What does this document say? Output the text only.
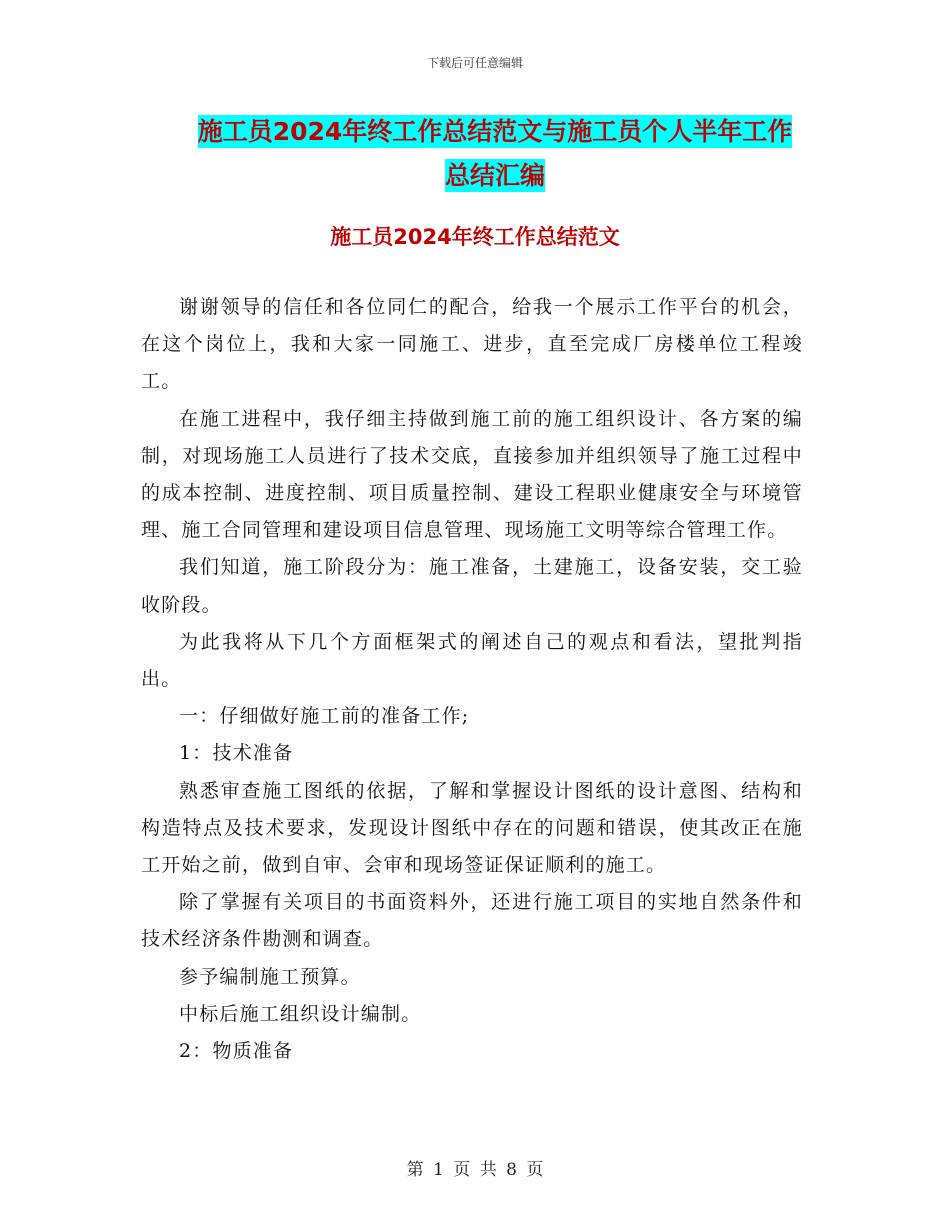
下载后可任意编辑
施工员2024年终工作总结范文与施工员个人半年工作
总结汇编
施工员2024年终工作总结范文

谢谢领导的信任和各位同仁的配合，给我一个展示工作平台的机会，在这个岗位上，我和大家一同施工、进步，直至完成厂房楼单位工程竣工。

在施工进程中，我仔细主持做到施工前的施工组织设计、各方案的编制，对现场施工人员进行了技术交底，直接参加并组织领导了施工过程中的成本控制、进度控制、项目质量控制、建设工程职业健康安全与环境管理、施工合同管理和建设项目信息管理、现场施工文明等综合管理工作。

我们知道，施工阶段分为：施工准备，土建施工，设备安装，交工验收阶段。

为此我将从下几个方面框架式的阐述自己的观点和看法，望批判指出。

一：仔细做好施工前的准备工作;

1：技术准备

熟悉审查施工图纸的依据，了解和掌握设计图纸的设计意图、结构和构造特点及技术要求，发现设计图纸中存在的问题和错误，使其改正在施工开始之前，做到自审、会审和现场签证保证顺利的施工。

除了掌握有关项目的书面资料外，还进行施工项目的实地自然条件和技术经济条件勘测和调查。

参予编制施工预算。

中标后施工组织设计编制。

2：物质准备

第 1 页 共 8 页
